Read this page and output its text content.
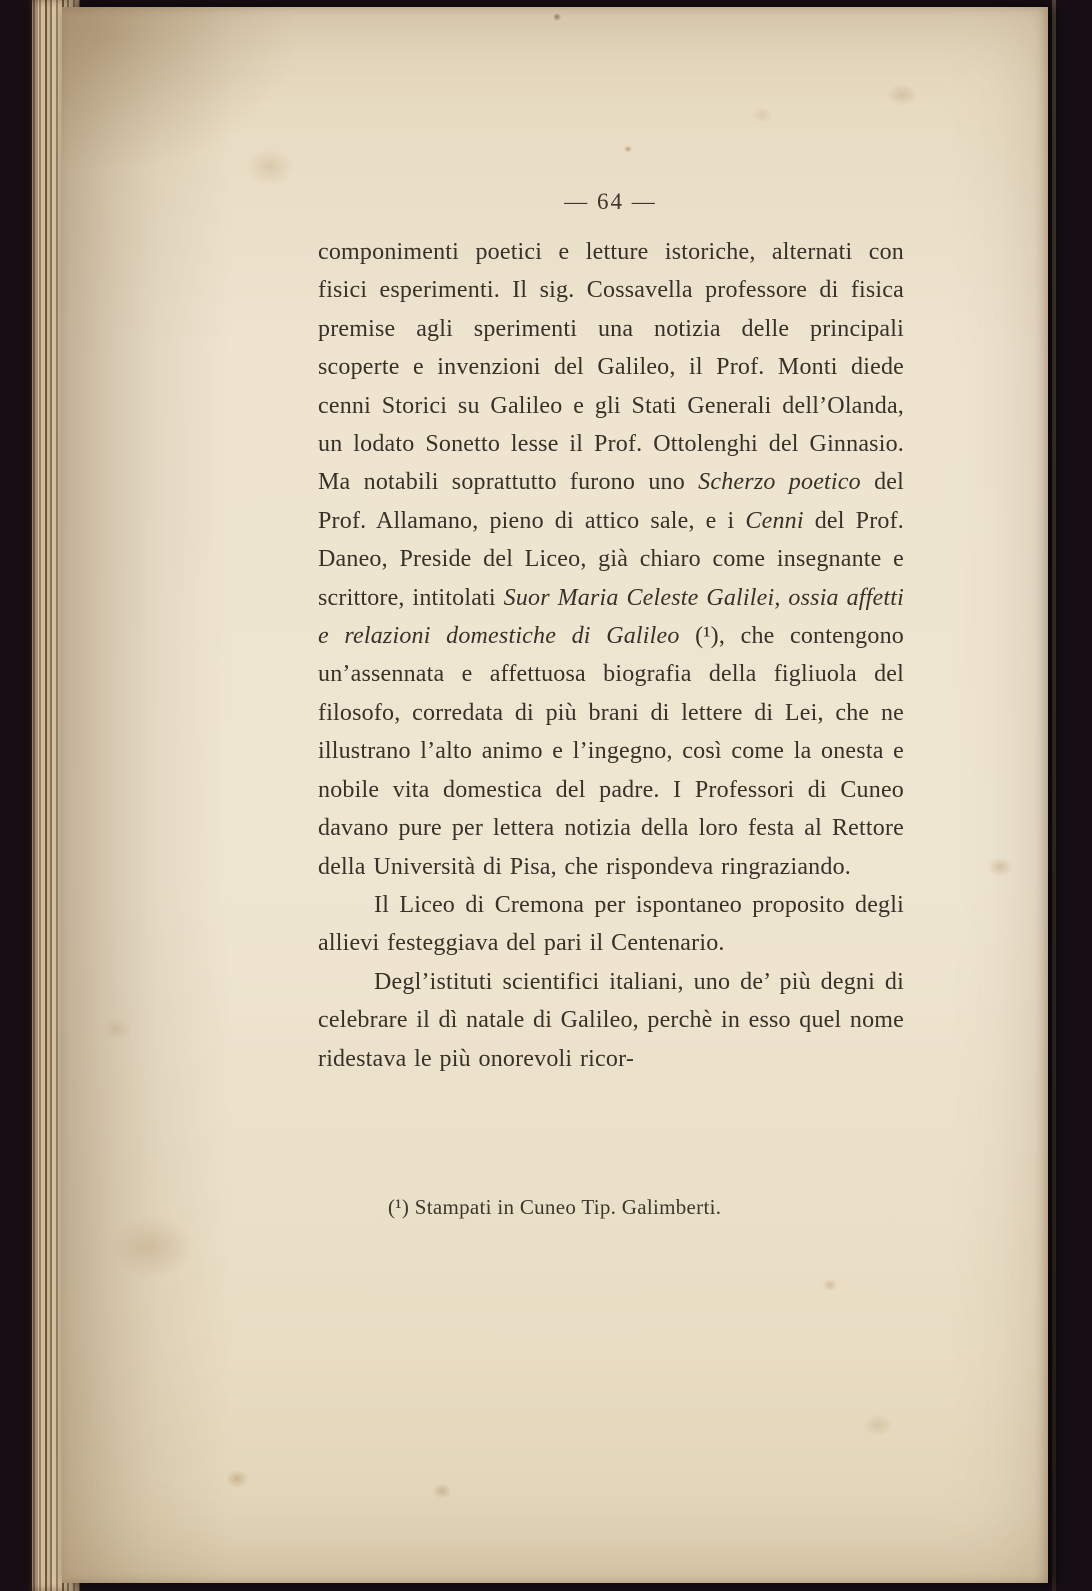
— 64 —

componimenti poetici e letture istoriche, alternati con fisici esperimenti. Il sig. Cossavella professore di fisica premise agli sperimenti una notizia delle principali scoperte e invenzioni del Galileo, il Prof. Monti diede cenni Storici su Galileo e gli Stati Generali dell’Olanda, un lodato Sonetto lesse il Prof. Ottolenghi del Ginnasio. Ma notabili soprattutto furono uno Scherzo poetico del Prof. Allamano, pieno di attico sale, e i Cenni del Prof. Daneo, Preside del Liceo, già chiaro come insegnante e scrittore, intitolati Suor Maria Celeste Galilei, ossia affetti e relazioni domestiche di Galileo (¹), che contengono un’assennata e affettuosa biografia della figliuola del filosofo, corredata di più brani di lettere di Lei, che ne illustrano l’alto animo e l’ingegno, così come la onesta e nobile vita domestica del padre. I Professori di Cuneo davano pure per lettera notizia della loro festa al Rettore della Università di Pisa, che rispondeva ringraziando.

Il Liceo di Cremona per ispontaneo proposito degli allievi festeggiava del pari il Centenario.

Degl’istituti scientifici italiani, uno de’ più degni di celebrare il dì natale di Galileo, perchè in esso quel nome ridestava le più onorevoli ricor-

(¹) Stampati in Cuneo Tip. Galimberti.
